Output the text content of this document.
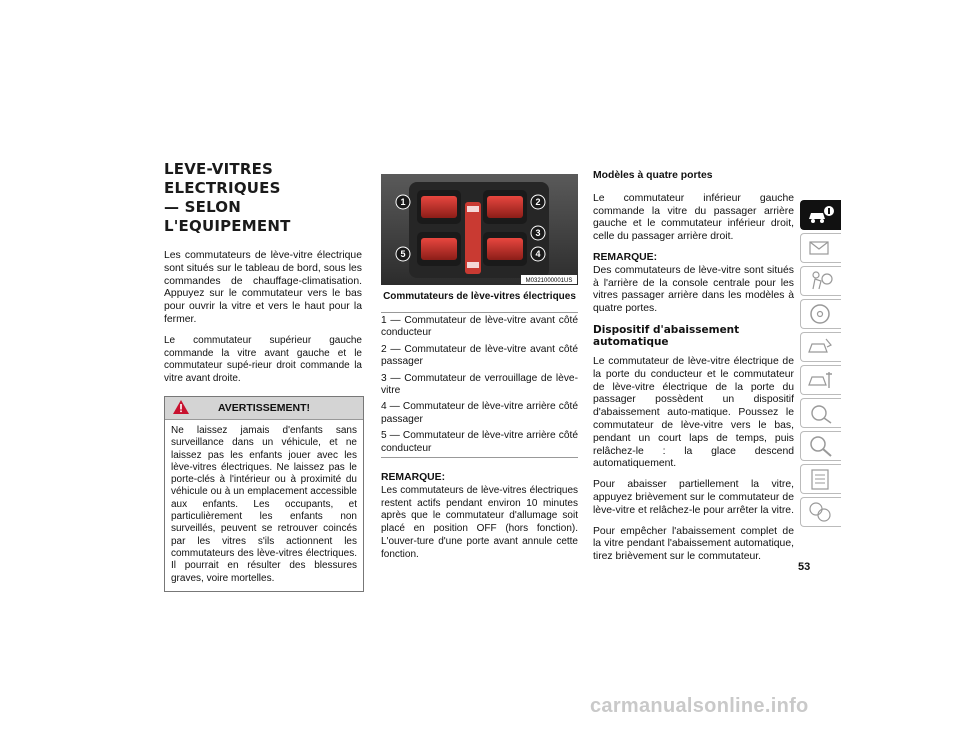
LEVE-VITRES ELECTRIQUES
— SELON L'EQUIPEMENT

Les commutateurs de lève-vitre électrique sont situés sur le tableau de bord, sous les commandes de chauffage-climatisation. Appuyez sur le commutateur vers le bas pour ouvrir la vitre et vers le haut pour la fermer.

Le commutateur supérieur gauche commande la vitre avant gauche et le commutateur supé-rieur droit commande la vitre avant droite.

AVERTISSEMENT!
Ne laissez jamais d'enfants sans surveillance dans un véhicule, et ne laissez pas les enfants jouer avec les lève-vitres électriques. Ne laissez pas le porte-clés à l'intérieur ou à proximité du véhicule ou à un emplacement accessible aux enfants. Les occupants, et particulièrement les enfants non surveillés, peuvent se retrouver coincés par les vitres s'ils actionnent les commutateurs des lève-vitres électriques. Il pourrait en résulter des blessures graves, voire mortelles.
1	2
3
4
5
M0321000001US
Commutateurs de lève-vitres électriques
1 — Commutateur de lève-vitre avant côté conducteur
2 — Commutateur de lève-vitre avant côté passager
3 — Commutateur de verrouillage de lève-vitre
4 — Commutateur de lève-vitre arrière côté passager
5 — Commutateur de lève-vitre arrière côté conducteur
REMARQUE:

Les commutateurs de lève-vitres électriques restent actifs pendant environ 10 minutes après que le commutateur d'allumage soit placé en position OFF (hors fonction). L'ouver-ture d'une porte avant annule cette fonction.

Modèles à quatre portes

Le commutateur inférieur gauche commande la vitre du passager arrière gauche et le commutateur inférieur droit, celle du passager arrière droit.

REMARQUE:

Des commutateurs de lève-vitre sont situés à l'arrière de la console centrale pour les vitres passager arrière dans les modèles à quatre portes.

Dispositif d'abaissement automatique

Le commutateur de lève-vitre électrique de la porte du conducteur et le commutateur de lève-vitre électrique de la porte du passager possèdent un dispositif d'abaissement auto-matique. Poussez le commutateur de lève-vitre vers le bas, pendant un court laps de temps, puis relâchez-le : la glace descend automatiquement.

Pour abaisser partiellement la vitre, appuyez brièvement sur le commutateur de lève-vitre et relâchez-le pour arrêter la vitre.

Pour empêcher l'abaissement complet de la vitre pendant l'abaissement automatique, tirez brièvement sur le commutateur.

53
carmanualsonline.info
